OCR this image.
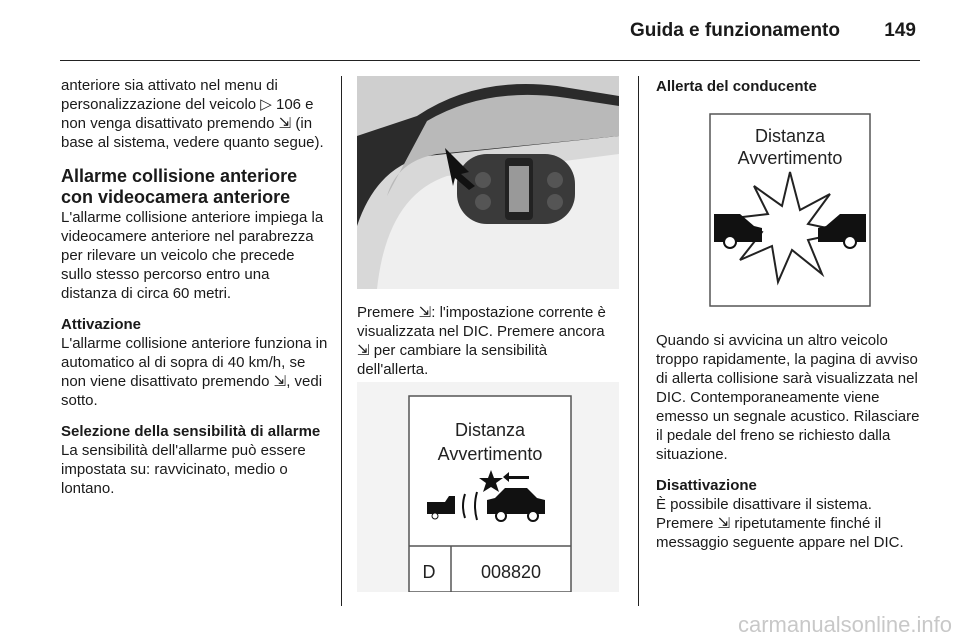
Guida e funzionamento 149

anteriore sia attivato nel menu di personalizzazione del veicolo ▷ 106 e non venga disattivato premendo ⇲ (in base al sistema, vedere quanto segue).

Allarme collisione anteriore con videocamera anteriore

L'allarme collisione anteriore impiega la videocamere anteriore nel parabrezza per rilevare un veicolo che precede sullo stesso percorso entro una distanza di circa 60 metri.

Attivazione

L'allarme collisione anteriore funziona in automatico al di sopra di 40 km/h, se non viene disattivato premendo ⇲, vedi sotto.

Selezione della sensibilità di allarme

La sensibilità dell'allarme può essere impostata su: ravvicinato, medio o lontano.

Premere ⇲: l'impostazione corrente è visualizzata nel DIC. Premere ancora ⇲ per cambiare la sensibilità dell'allerta.

Distanza
Avvertimento
D	008820
Allerta del conducente
Distanza
Avvertimento

Quando si avvicina un altro veicolo troppo rapidamente, la pagina di avviso di allerta collisione sarà visualizzata nel DIC. Contemporaneamente viene emesso un segnale acustico. Rilasciare il pedale del freno se richiesto dalla situazione.

Disattivazione

È possibile disattivare il sistema. Premere ⇲ ripetutamente finché il messaggio seguente appare nel DIC.

carmanualsonline.info
